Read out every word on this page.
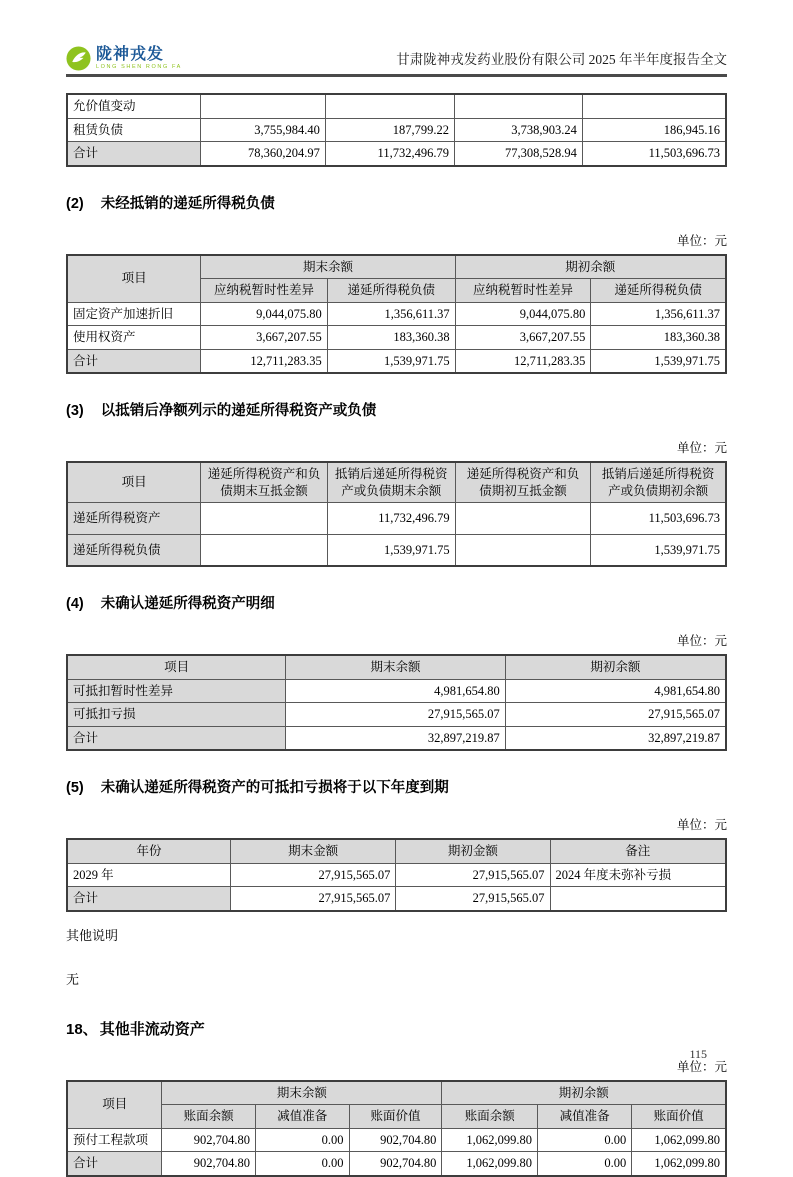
陇神戎发
LONG SHEN RONG FA	甘肃陇神戎发药业股份有限公司 2025 年半年度报告全文
允价值变动				
租赁负债	3,755,984.40	187,799.22	3,738,903.24	186,945.16
合计	78,360,204.97	11,732,496.79	77,308,528.94	11,503,696.73
(2) 未经抵销的递延所得税负债
单位：元
项目	期末余额		期初余额	
	应纳税暂时性差异	递延所得税负债	应纳税暂时性差异	递延所得税负债
固定资产加速折旧	9,044,075.80	1,356,611.37	9,044,075.80	1,356,611.37
使用权资产	3,667,207.55	183,360.38	3,667,207.55	183,360.38
合计	12,711,283.35	1,539,971.75	12,711,283.35	1,539,971.75
(3) 以抵销后净额列示的递延所得税资产或负债
单位：元
项目	递延所得税资产和负债期末互抵金额	抵销后递延所得税资产或负债期末余额	递延所得税资产和负债期初互抵金额	抵销后递延所得税资产或负债期初余额
递延所得税资产		11,732,496.79		11,503,696.73
递延所得税负债		1,539,971.75		1,539,971.75
(4) 未确认递延所得税资产明细
单位：元
项目	期末余额	期初余额
可抵扣暂时性差异	4,981,654.80	4,981,654.80
可抵扣亏损	27,915,565.07	27,915,565.07
合计	32,897,219.87	32,897,219.87
(5) 未确认递延所得税资产的可抵扣亏损将于以下年度到期
单位：元
年份	期末金额	期初金额	备注
2029 年	27,915,565.07	27,915,565.07	2024 年度未弥补亏损
合计	27,915,565.07	27,915,565.07	
其他说明
无
18、 其他非流动资产
单位：元
项目	期末余额			期初余额		
	账面余额	减值准备	账面价值	账面余额	减值准备	账面价值
预付工程款项	902,704.80	0.00	902,704.80	1,062,099.80	0.00	1,062,099.80
合计	902,704.80	0.00	902,704.80	1,062,099.80	0.00	1,062,099.80
115
